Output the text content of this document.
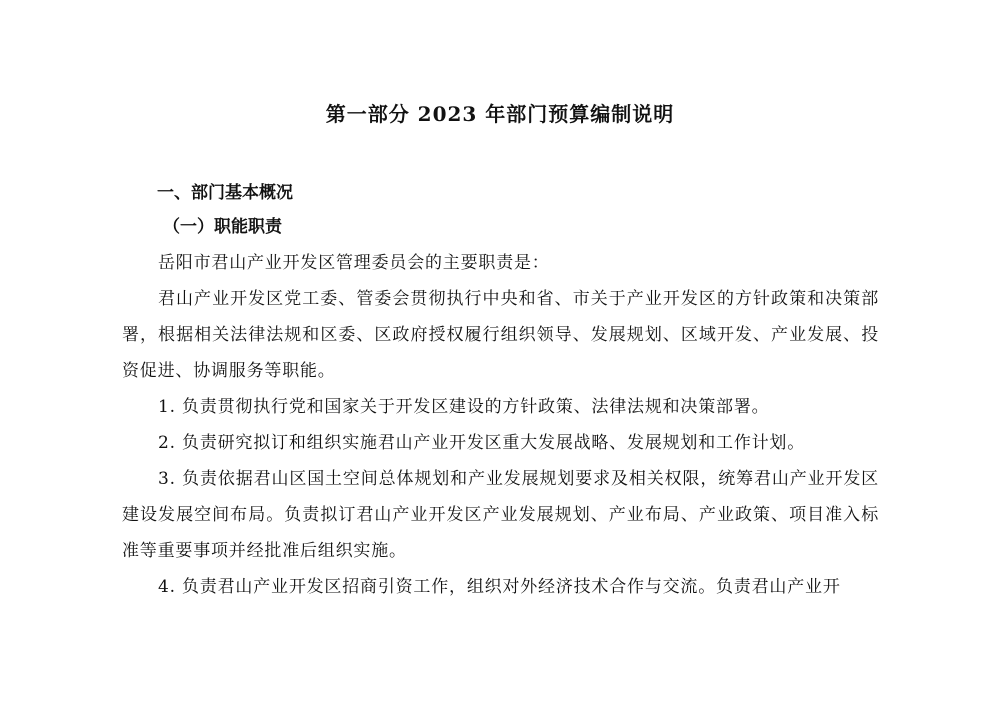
第一部分 2023 年部门预算编制说明
一、部门基本概况
（一）职能职责
岳阳市君山产业开发区管理委员会的主要职责是：
君山产业开发区党工委、管委会贯彻执行中央和省、市关于产业开发区的方针政策和决策部署，根据相关法律法规和区委、区政府授权履行组织领导、发展规划、区域开发、产业发展、投资促进、协调服务等职能。
1. 负责贯彻执行党和国家关于开发区建设的方针政策、法律法规和决策部署。
2. 负责研究拟订和组织实施君山产业开发区重大发展战略、发展规划和工作计划。
3. 负责依据君山区国土空间总体规划和产业发展规划要求及相关权限，统筹君山产业开发区建设发展空间布局。负责拟订君山产业开发区产业发展规划、产业布局、产业政策、项目准入标准等重要事项并经批准后组织实施。
4. 负责君山产业开发区招商引资工作，组织对外经济技术合作与交流。负责君山产业开
